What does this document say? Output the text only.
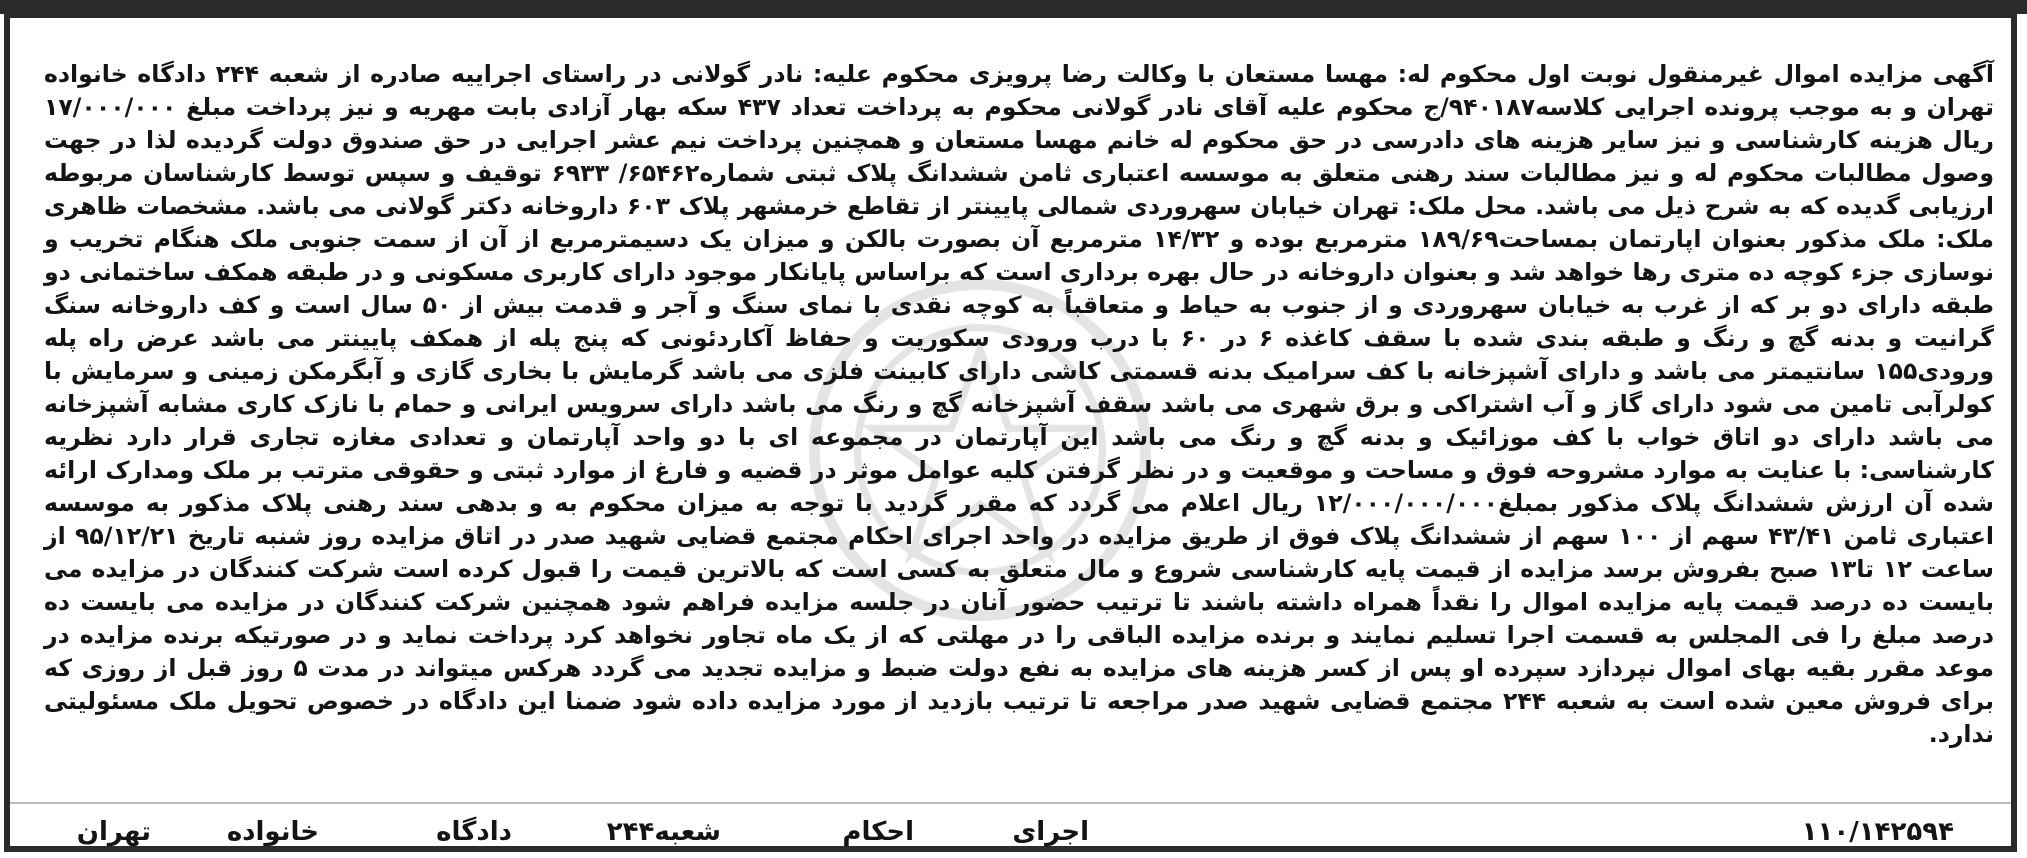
آگهی مزایده اموال غیرمنقول نوبت اول محکوم له: مهسا مستعان با وکالت رضا پرویزی محکوم علیه: نادر گولانی در راستای اجراییه صادره از شعبه ۲۴۴ دادگاه خانواده تهران و به موجب پرونده اجرایی کلاسه۹۴۰۱۸۷/ج محکوم علیه آقای نادر گولانی محکوم به پرداخت تعداد ۴۳۷ سکه بهار آزادی بابت مهریه و نیز پرداخت مبلغ ۱۷/۰۰۰/۰۰۰ ریال هزینه کارشناسی و نیز سایر هزینه های دادرسی در حق محکوم له خانم مهسا مستعان و همچنین پرداخت نیم عشر اجرایی در حق صندوق دولت گردیده لذا در جهت وصول مطالبات محکوم له و نیز مطالبات سند رهنی متعلق به موسسه اعتباری ثامن ششدانگ پلاک ثبتی شماره۶۵۴۶۲/ ۶۹۳۳ توقیف و سپس توسط کارشناسان مربوطه ارزیابی گدیده که به شرح ذیل می باشد. محل ملک: تهران خیابان سهروردی شمالی پایینتر از تقاطع خرمشهر پلاک ۶۰۳ داروخانه دکتر گولانی می باشد. مشخصات ظاهری ملک: ملک مذکور بعنوان اپارتمان بمساحت۱۸۹/۶۹ مترمربع بوده و ۱۴/۳۲ مترمربع آن بصورت بالکن و میزان یک دسیمترمربع از آن از سمت جنوبی ملک هنگام تخریب و نوسازی جزء کوچه ده متری رها خواهد شد و بعنوان داروخانه در حال بهره برداری است که براساس پایانکار موجود دارای کاربری مسکونی و در طبقه همکف ساختمانی دو طبقه دارای دو بر که از غرب به خیابان سهروردی و از جنوب به حیاط و متعاقباً به کوچه نقدی با نمای سنگ و آجر و قدمت بیش از ۵۰ سال است و کف داروخانه سنگ گرانیت و بدنه گچ و رنگ و طبقه بندی شده با سقف کاغذه ۶ در ۶۰ با درب ورودی سکوریت و حفاظ آکاردئونی که پنج پله از همکف پایینتر می باشد عرض راه پله ورودی۱۵۵ سانتیمتر می باشد و دارای آشپزخانه با کف سرامیک بدنه قسمتی کاشی دارای کابینت فلزی می باشد گرمایش با بخاری گازی و آبگرمکن زمینی و سرمایش با کولرآبی تامین می شود دارای گاز و آب اشتراکی و برق شهری می باشد سقف آشپزخانه گچ و رنگ می باشد دارای سرویس ایرانی و حمام با نازک کاری مشابه آشپزخانه می باشد دارای دو اتاق خواب با کف موزائیک و بدنه گچ و رنگ می باشد این آپارتمان در مجموعه ای با دو واحد آپارتمان و تعدادی مغازه تجاری قرار دارد نظریه کارشناسی: با عنایت به موارد مشروحه فوق و مساحت و موقعیت و در نظر گرفتن کلیه عوامل موثر در قضیه و فارغ از موارد ثبتی و حقوقی مترتب بر ملک ومدارک ارائه شده آن ارزش ششدانگ پلاک مذکور بمبلغ۱۲/۰۰۰/۰۰۰/۰۰۰ ریال اعلام می گردد که مقرر گردید با توجه به میزان محکوم به و بدهی سند رهنی پلاک مذکور به موسسه اعتباری ثامن ۴۳/۴۱ سهم از ۱۰۰ سهم از ششدانگ پلاک فوق از طریق مزایده در واحد اجرای احکام مجتمع قضایی شهید صدر در اتاق مزایده روز شنبه تاریخ ۹۵/۱۲/۲۱ از ساعت ۱۲ تا۱۳ صبح بفروش برسد مزایده از قیمت پایه کارشناسی شروع و مال متعلق به کسی است که بالاترین قیمت را قبول کرده است شرکت کنندگان در مزایده می بایست ده درصد قیمت پایه مزایده اموال را نقداً همراه داشته باشند تا ترتیب حضور آنان در جلسه مزایده فراهم شود همچنین شرکت کنندگان در مزایده می بایست ده درصد مبلغ را فی المجلس به قسمت اجرا تسلیم نمایند و برنده مزایده الباقی را در مهلتی که از یک ماه تجاور نخواهد کرد پرداخت نماید و در صورتیکه برنده مزایده در موعد مقرر بقیه بهای اموال نپردازد سپرده او پس از کسر هزینه های مزایده به نفع دولت ضبط و مزایده تجدید می گردد هرکس میتواند در مدت ۵ روز قبل از روزی که برای فروش معین شده است به شعبه ۲۴۴ مجتمع قضایی شهید صدر مراجعه تا ترتیب بازدید از مورد مزایده داده شود ضمنا این دادگاه در خصوص تحویل ملک مسئولیتی ندارد.

تهران	خانواده	دادگاه	شعبه۲۴۴	احکام	اجرای	۱۱۰/۱۴۲۵۹۴
